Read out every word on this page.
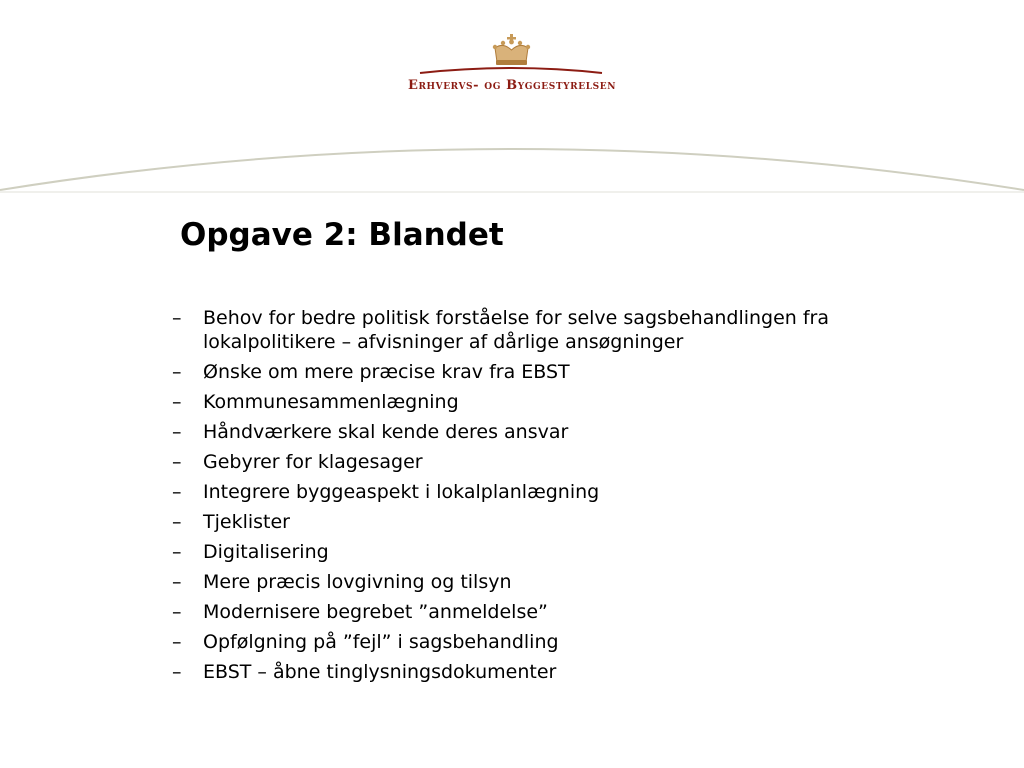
Erhvervs- og Byggestyrelsen
Opgave 2: Blandet
– Behov for bedre politisk forståelse for selve sagsbehandlingen fra lokalpolitikere – afvisninger af dårlige ansøgninger
– Ønske om mere præcise krav fra EBST
– Kommunesammenlægning
– Håndværkere skal kende deres ansvar
– Gebyrer for klagesager
– Integrere byggeaspekt i lokalplanlægning
– Tjeklister
– Digitalisering
– Mere præcis lovgivning og tilsyn
– Modernisere begrebet ”anmeldelse”
– Opfølgning på ”fejl” i sagsbehandling
– EBST – åbne tinglysningsdokumenter
